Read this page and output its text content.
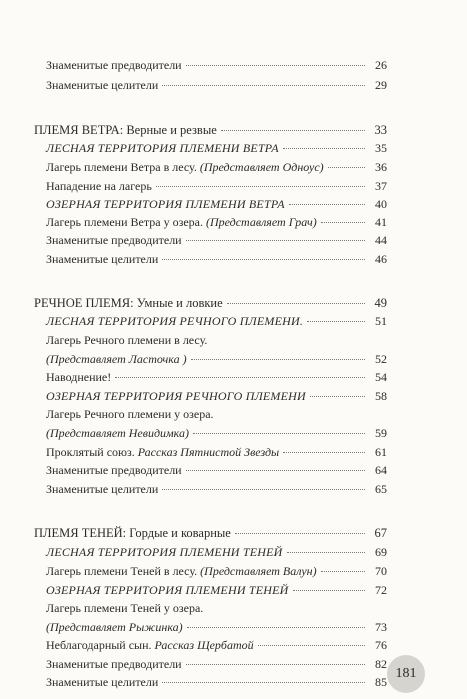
Знаменитые предводители	26
Знаменитые целители	29
ПЛЕМЯ ВЕТРА: Верные и резвые	33
ЛЕСНАЯ ТЕРРИТОРИЯ ПЛЕМЕНИ ВЕТРА	35
Лагерь племени Ветра в лесу. (Представляет Одноус)	36
Нападение на лагерь	37
ОЗЕРНАЯ ТЕРРИТОРИЯ ПЛЕМЕНИ ВЕТРА	40
Лагерь племени Ветра у озера. (Представляет Грач)	41
Знаменитые предводители	44
Знаменитые целители	46
РЕЧНОЕ ПЛЕМЯ: Умные и ловкие	49
ЛЕСНАЯ ТЕРРИТОРИЯ РЕЧНОГО ПЛЕМЕНИ.	51
Лагерь Речного племени в лесу.
(Представляет Ласточка )	52
Наводнение!	54
ОЗЕРНАЯ ТЕРРИТОРИЯ РЕЧНОГО ПЛЕМЕНИ	58
Лагерь Речного племени у озера.
(Представляет Невидимка)	59
Проклятый союз. Рассказ Пятнистой Звезды	61
Знаменитые предводители	64
Знаменитые целители	65
ПЛЕМЯ ТЕНЕЙ: Гордые и коварные	67
ЛЕСНАЯ ТЕРРИТОРИЯ ПЛЕМЕНИ ТЕНЕЙ	69
Лагерь племени Теней в лесу. (Представляет Валун)	70
ОЗЕРНАЯ ТЕРРИТОРИЯ ПЛЕМЕНИ ТЕНЕЙ	72
Лагерь племени Теней у озера.
(Представляет Рыжинка)	73
Неблагодарный сын. Рассказ Щербатой	76
Знаменитые предводители	82
Знаменитые целители	85
181
